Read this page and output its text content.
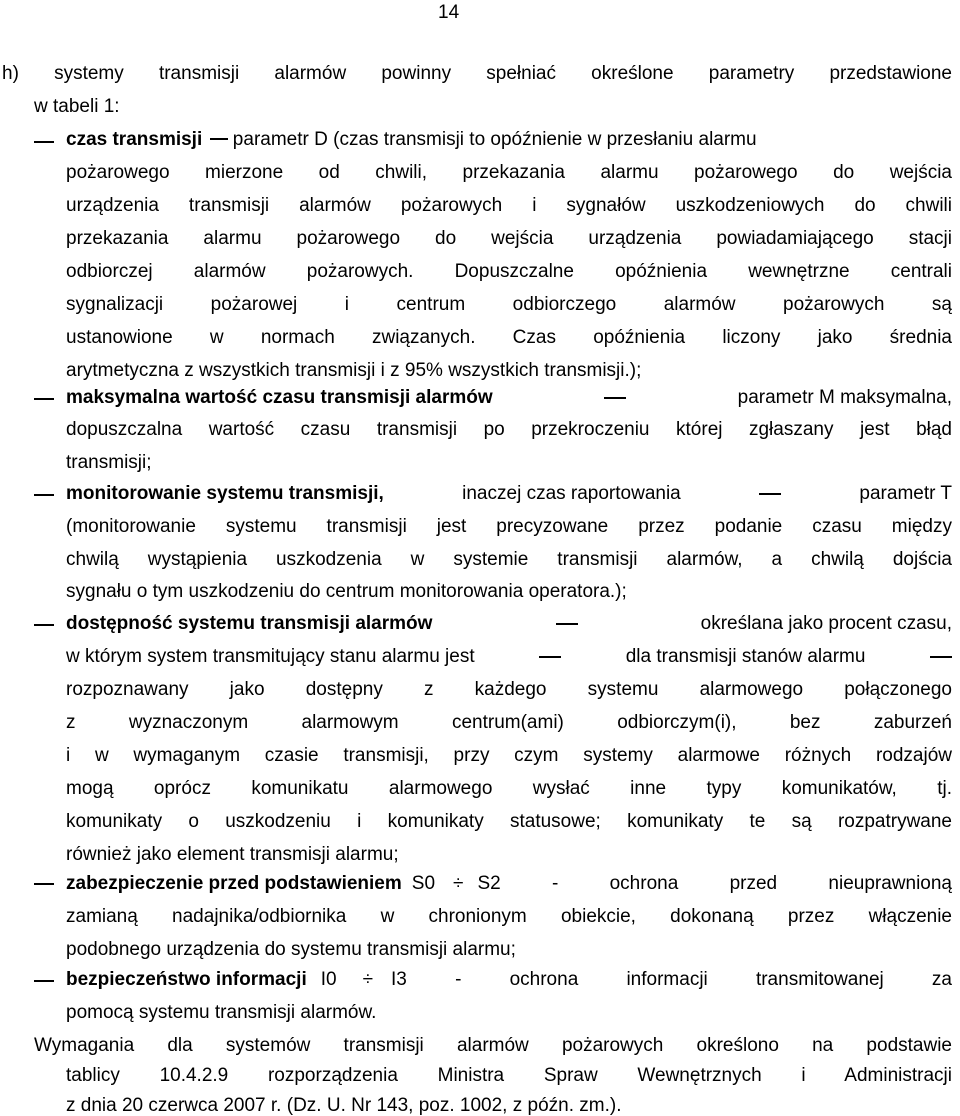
14
h) systemy transmisji alarmów powinny spełniać określone parametry przedstawione
w tabeli 1:
czas transmisji  parametr D (czas transmisji to opóźnienie w przesłaniu alarmu
pożarowego mierzone od chwili, przekazania alarmu pożarowego do wejścia
urządzenia transmisji alarmów pożarowych i sygnałów uszkodzeniowych do chwili
przekazania alarmu pożarowego do wejścia urządzenia powiadamiającego stacji
odbiorczej alarmów pożarowych. Dopuszczalne opóźnienia wewnętrzne centrali
sygnalizacji pożarowej i centrum odbiorczego alarmów pożarowych są
ustanowione w normach związanych. Czas opóźnienia liczony jako średnia
arytmetyczna z wszystkich transmisji i z 95% wszystkich transmisji.);
maksymalna wartość czasu transmisji alarmów	parametr M maksymalna,
dopuszczalna wartość czasu transmisji po przekroczeniu której zgłaszany jest błąd
transmisji;
monitorowanie systemu transmisji,	inaczej czas raportowania	parametr T
(monitorowanie systemu transmisji jest precyzowane przez podanie czasu między
chwilą wystąpienia uszkodzenia w systemie transmisji alarmów, a chwilą dojścia
sygnału o tym uszkodzeniu do centrum monitorowania operatora.);
dostępność systemu transmisji alarmów	określana jako procent czasu,
w którym system transmitujący stanu alarmu jest	dla transmisji stanów alarmu
rozpoznawany jako dostępny z każdego systemu alarmowego połączonego
z wyznaczonym alarmowym centrum(ami) odbiorczym(i), bez zaburzeń
i w wymaganym czasie transmisji, przy czym systemy alarmowe różnych rodzajów
mogą oprócz komunikatu alarmowego wysłać inne typy komunikatów, tj.
komunikaty o uszkodzeniu i komunikaty statusowe; komunikaty te są rozpatrywane
również jako element transmisji alarmu;
zabezpieczenie przed podstawieniem S0 ÷ S2 - ochrona przed nieuprawnioną
zamianą nadajnika/odbiornika w chronionym obiekcie, dokonaną przez włączenie
podobnego urządzenia do systemu transmisji alarmu;
bezpieczeństwo informacji I0 ÷ I3 - ochrona informacji transmitowanej za
pomocą systemu transmisji alarmów.
Wymagania dla systemów transmisji alarmów pożarowych określono na podstawie
tablicy 10.4.2.9 rozporządzenia Ministra Spraw Wewnętrznych i Administracji
z dnia 20 czerwca 2007 r. (Dz. U. Nr 143, poz. 1002, z późn. zm.).
